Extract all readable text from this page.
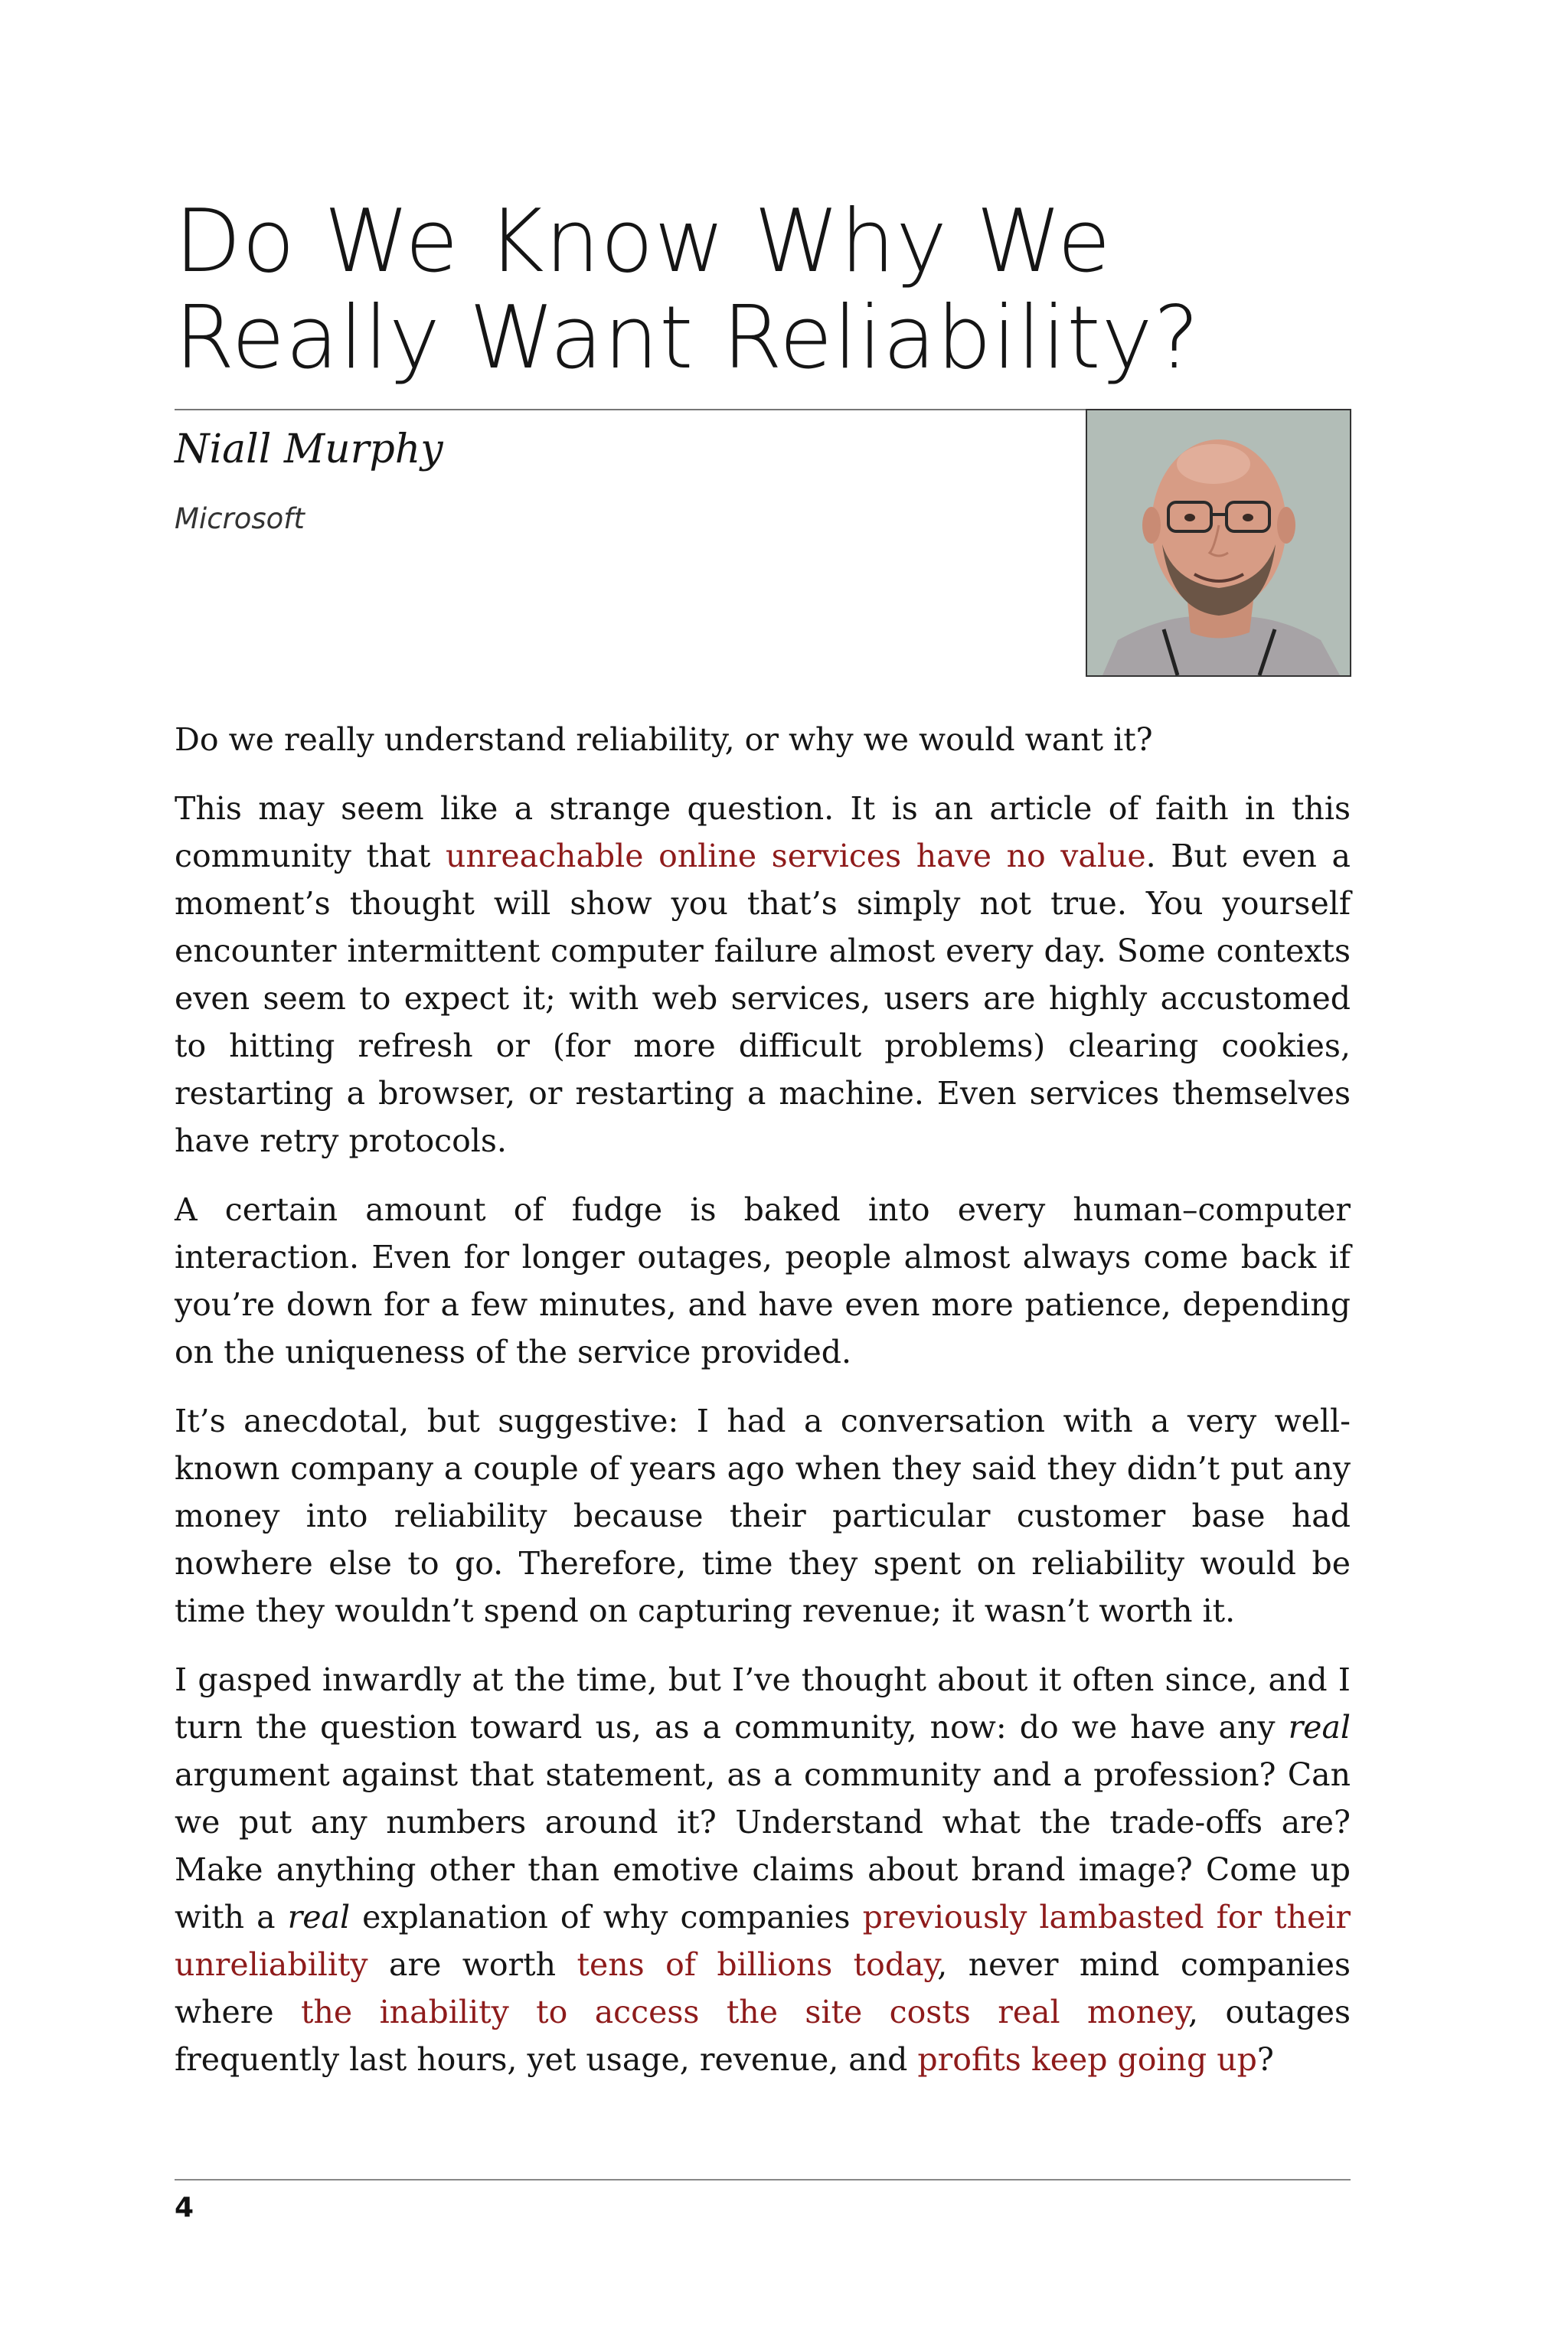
Do We Know Why We
Really Want Reliability?
Niall Murphy
Microsoft

Do we really understand reliability, or why we would want it?

This may seem like a strange question. It is an article of faith in this community that unreachable online services have no value. But even a moment’s thought will show you that’s simply not true. You yourself encounter intermittent computer failure almost every day. Some contexts even seem to expect it; with web services, users are highly accustomed to hitting refresh or (for more difficult problems) clearing cookies, restarting a browser, or restarting a machine. Even services themselves have retry protocols.

A certain amount of fudge is baked into every human–computer interaction. Even for longer outages, people almost always come back if you’re down for a few minutes, and have even more patience, depending on the uniqueness of the service provided.

It’s anecdotal, but suggestive: I had a conversation with a very well-known company a couple of years ago when they said they didn’t put any money into reliability because their particular customer base had nowhere else to go. Therefore, time they spent on reliability would be time they wouldn’t spend on capturing revenue; it wasn’t worth it.

I gasped inwardly at the time, but I’ve thought about it often since, and I turn the question toward us, as a community, now: do we have any real argument against that statement, as a community and a profession? Can we put any numbers around it? Understand what the trade-offs are? Make anything other than emotive claims about brand image? Come up with a real explanation of why companies previously lambasted for their unreliability are worth tens of billions today, never mind companies where the inability to access the site costs real money, outages frequently last hours, yet usage, revenue, and profits keep going up?

4
